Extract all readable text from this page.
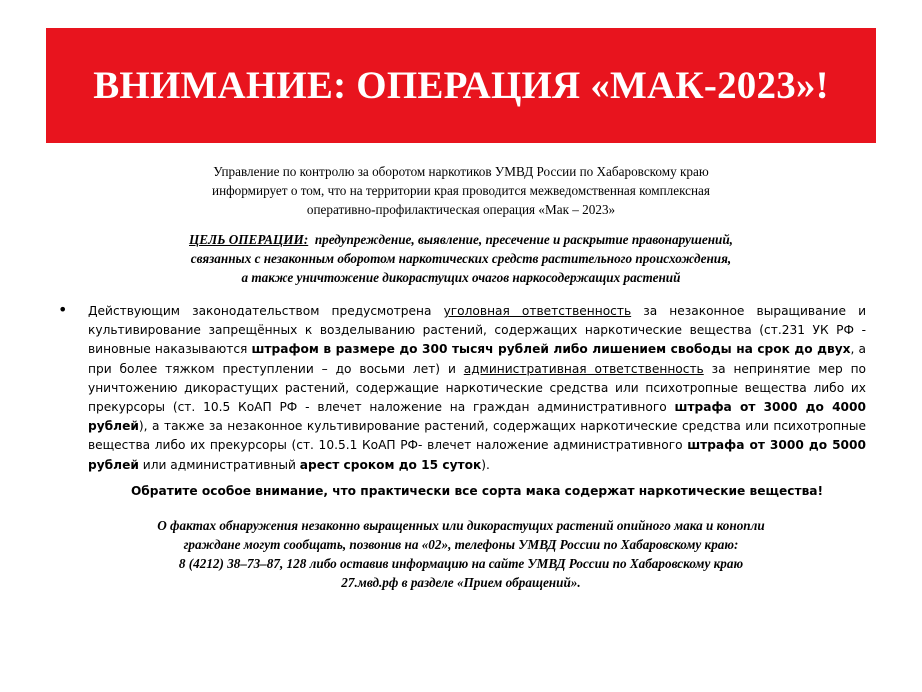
ВНИМАНИЕ: ОПЕРАЦИЯ «МАК-2023»!
Управление по контролю за оборотом наркотиков УМВД России по Хабаровскому краю
информирует о том, что на территории края проводится межведомственная комплексная
оперативно-профилактическая операция «Мак – 2023»
ЦЕЛЬ ОПЕРАЦИИ: предупреждение, выявление, пресечение и раскрытие правонарушений,
связанных с незаконным оборотом наркотических средств растительного происхождения,
а также уничтожение дикорастущих очагов наркосодержащих растений
• Действующим законодательством предусмотрена уголовная ответственность за незаконное выращивание и культивирование запрещённых к возделыванию растений, содержащих наркотические вещества (ст.231 УК РФ - виновные наказываются штрафом в размере до 300 тысяч рублей либо лишением свободы на срок до двух, а при более тяжком преступлении – до восьми лет) и административная ответственность за непринятие мер по уничтожению дикорастущих растений, содержащие наркотические средства или психотропные вещества либо их прекурсоры (ст. 10.5 КоАП РФ - влечет наложение на граждан административного штрафа от 3000 до 4000 рублей), а также за незаконное культивирование растений, содержащих наркотические средства или психотропные вещества либо их прекурсоры (ст. 10.5.1 КоАП РФ- влечет наложение административного штрафа от 3000 до 5000 рублей или административный арест сроком до 15 суток).
Обратите особое внимание, что практически все сорта мака содержат наркотические вещества!
О фактах обнаружения незаконно выращенных или дикорастущих растений опийного мака и конопли
граждане могут сообщать, позвонив на «02», телефоны УМВД России по Хабаровскому краю:
8 (4212) 38–73–87, 128 либо оставив информацию на сайте УМВД России по Хабаровскому краю
27.мвд.рф в разделе «Прием обращений».
